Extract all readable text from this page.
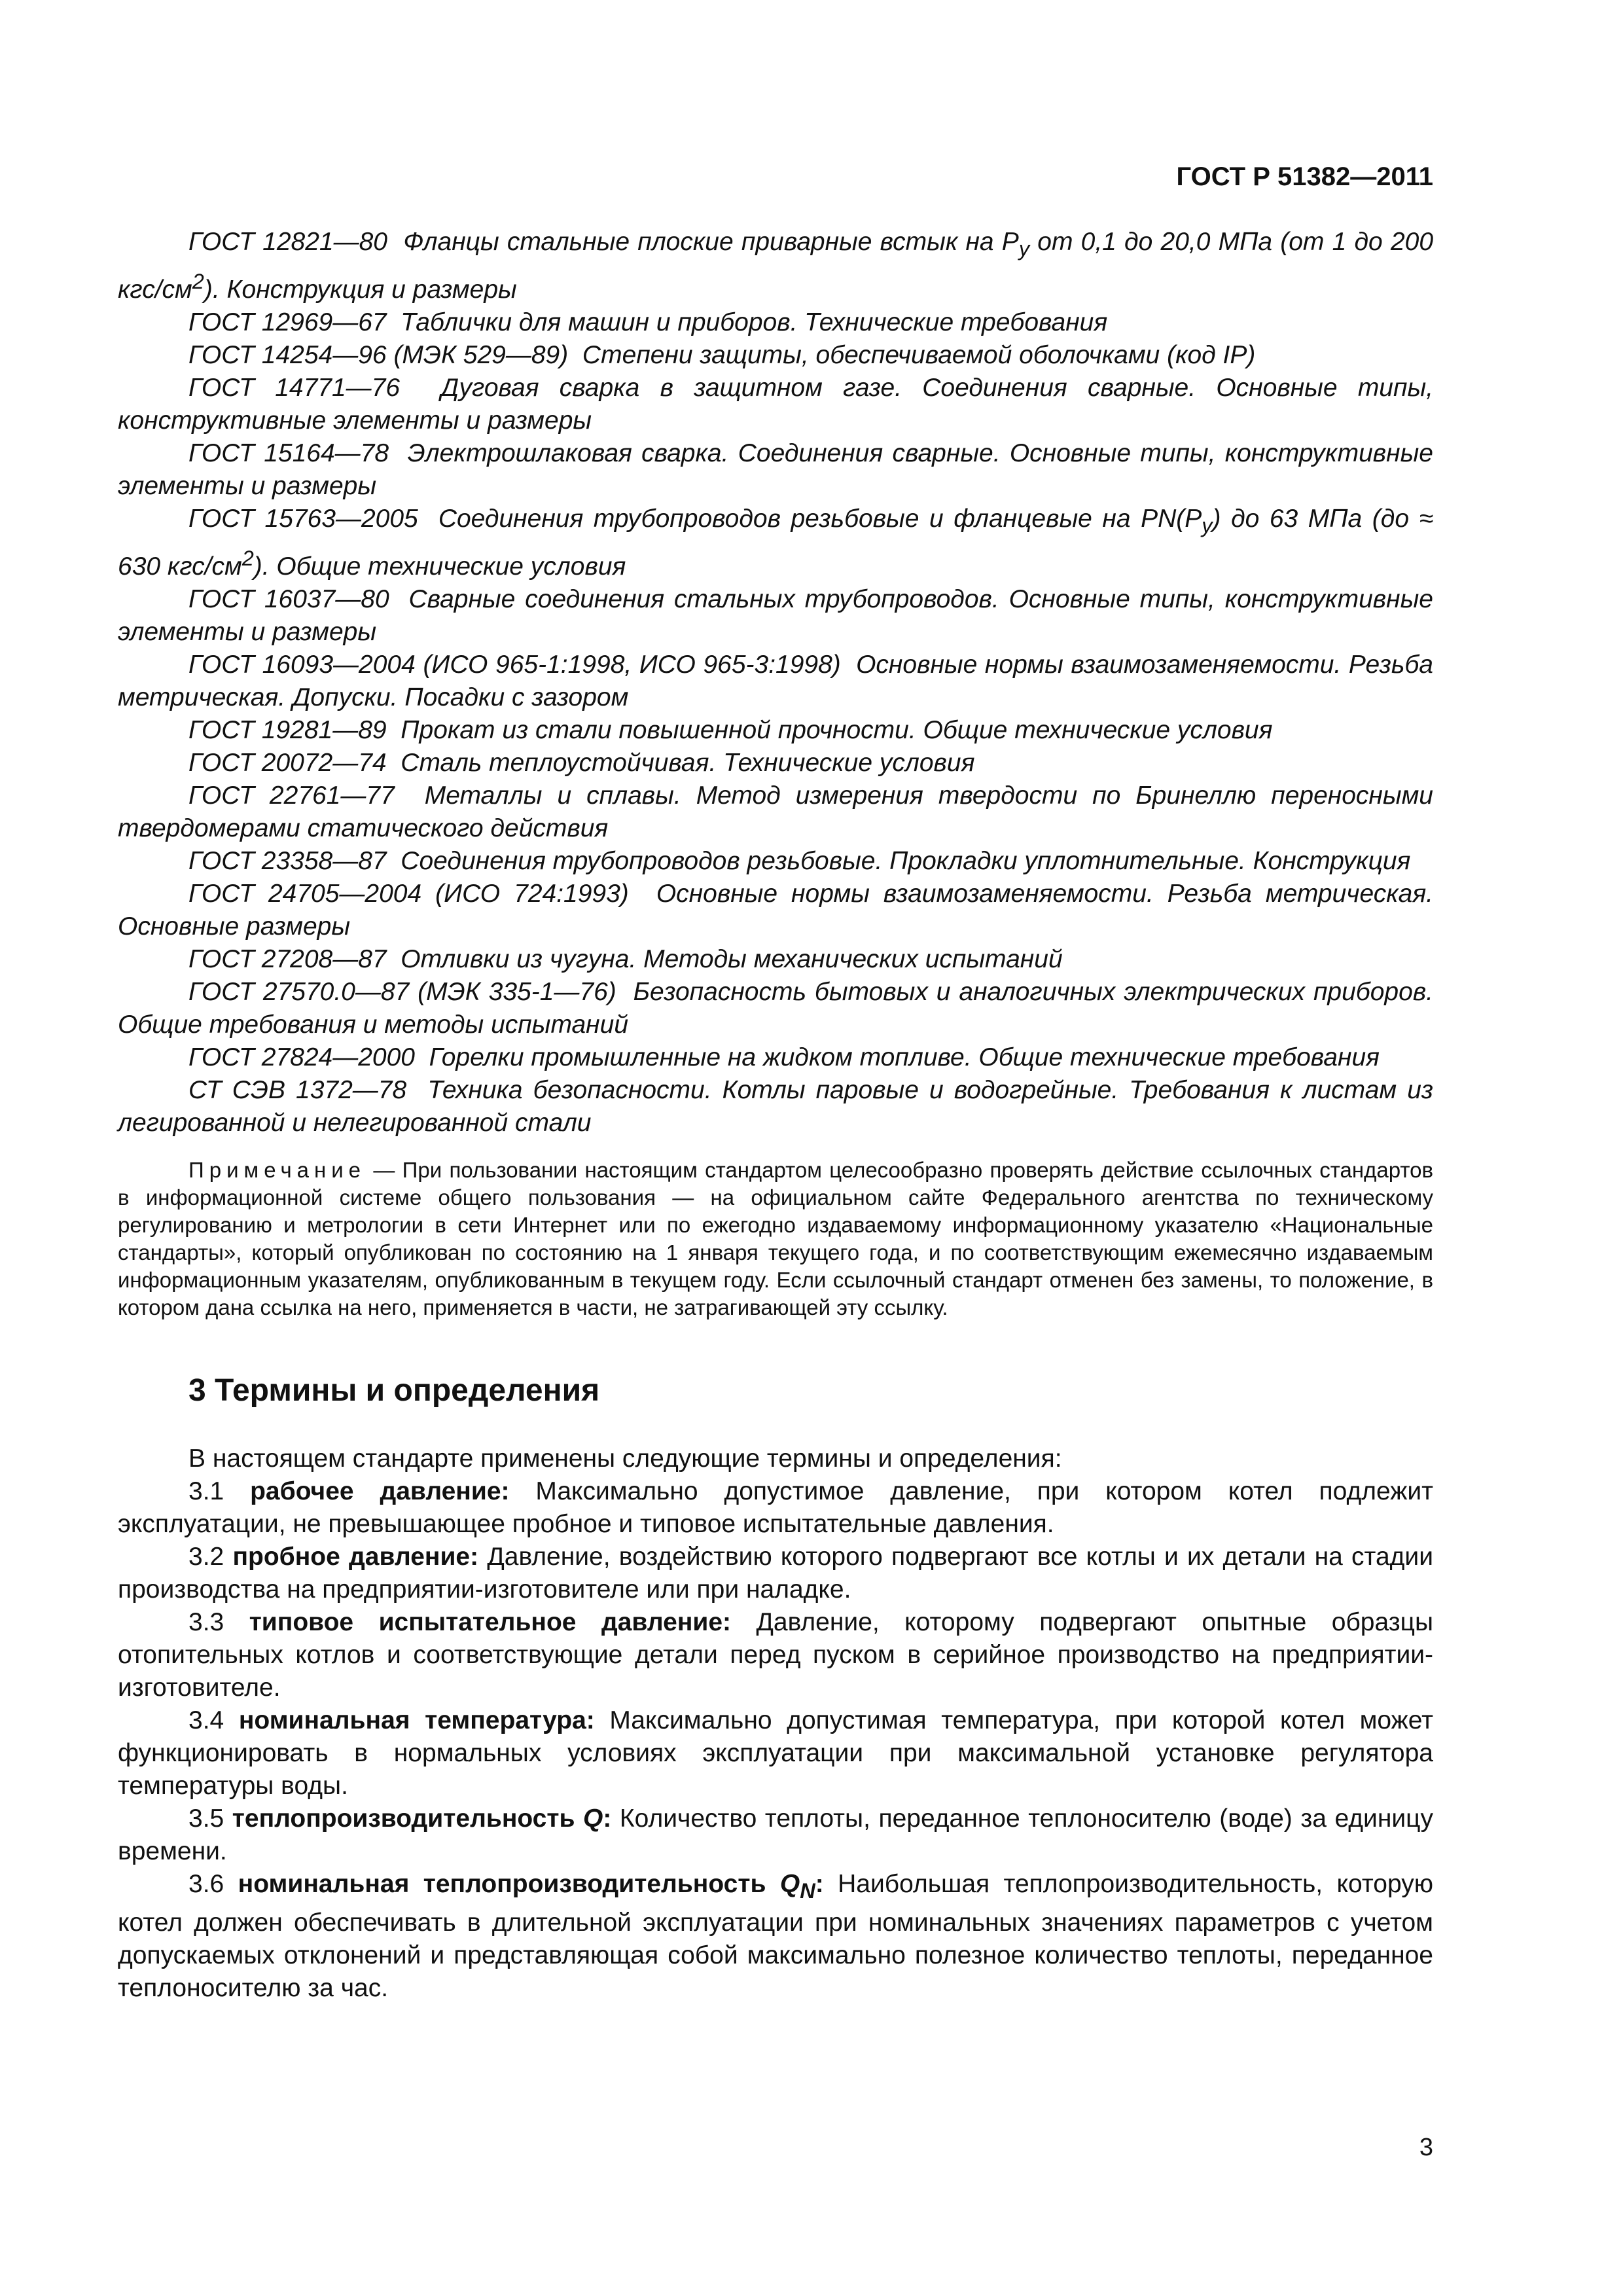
ГОСТ Р 51382—2011

ГОСТ 12821—80 Фланцы стальные плоские приварные встык на $P_y$ от 0,1 до 20,0 МПа (от 1 до 200 кгс/$см^2$). Конструкция и размеры

ГОСТ 12969—67 Таблички для машин и приборов. Технические требования

ГОСТ 14254—96 (МЭК 529—89) Степени защиты, обеспечиваемой оболочками (код IP)

ГОСТ 14771—76 Дуговая сварка в защитном газе. Соединения сварные. Основные типы, конструктивные элементы и размеры

ГОСТ 15164—78 Электрошлаковая сварка. Соединения сварные. Основные типы, конструктивные элементы и размеры

ГОСТ 15763—2005 Соединения трубопроводов резьбовые и фланцевые на $PN(P_y)$ до 63 МПа (до ≈ 630 кгс/$см^2$). Общие технические условия

ГОСТ 16037—80 Сварные соединения стальных трубопроводов. Основные типы, конструктивные элементы и размеры

ГОСТ 16093—2004 (ИСО 965-1:1998, ИСО 965-3:1998) Основные нормы взаимозаменяемости. Резьба метрическая. Допуски. Посадки с зазором

ГОСТ 19281—89 Прокат из стали повышенной прочности. Общие технические условия

ГОСТ 20072—74 Сталь теплоустойчивая. Технические условия

ГОСТ 22761—77 Металлы и сплавы. Метод измерения твердости по Бринеллю переносными твердомерами статического действия

ГОСТ 23358—87 Соединения трубопроводов резьбовые. Прокладки уплотнительные. Конструкция

ГОСТ 24705—2004 (ИСО 724:1993) Основные нормы взаимозаменяемости. Резьба метрическая. Основные размеры

ГОСТ 27208—87 Отливки из чугуна. Методы механических испытаний

ГОСТ 27570.0—87 (МЭК 335-1—76) Безопасность бытовых и аналогичных электрических приборов. Общие требования и методы испытаний

ГОСТ 27824—2000 Горелки промышленные на жидком топливе. Общие технические требования

СТ СЭВ 1372—78 Техника безопасности. Котлы паровые и водогрейные. Требования к листам из легированной и нелегированной стали

Примечание — При пользовании настоящим стандартом целесообразно проверять действие ссылочных стандартов в информационной системе общего пользования — на официальном сайте Федерального агентства по техническому регулированию и метрологии в сети Интернет или по ежегодно издаваемому информационному указателю «Национальные стандарты», который опубликован по состоянию на 1 января текущего года, и по соответствующим ежемесячно издаваемым информационным указателям, опубликованным в текущем году. Если ссылочный стандарт отменен без замены, то положение, в котором дана ссылка на него, применяется в части, не затрагивающей эту ссылку.

3 Термины и определения

В настоящем стандарте применены следующие термины и определения:

3.1 рабочее давление: Максимально допустимое давление, при котором котел подлежит эксплуатации, не превышающее пробное и типовое испытательные давления.

3.2 пробное давление: Давление, воздействию которого подвергают все котлы и их детали на стадии производства на предприятии-изготовителе или при наладке.

3.3 типовое испытательное давление: Давление, которому подвергают опытные образцы отопительных котлов и соответствующие детали перед пуском в серийное производство на предприятии-изготовителе.

3.4 номинальная температура: Максимально допустимая температура, при которой котел может функционировать в нормальных условиях эксплуатации при максимальной установке регулятора температуры воды.

3.5 теплопроизводительность Q: Количество теплоты, переданное теплоносителю (воде) за единицу времени.

3.6 номинальная теплопроизводительность $Q_N$: Наибольшая теплопроизводительность, которую котел должен обеспечивать в длительной эксплуатации при номинальных значениях параметров с учетом допускаемых отклонений и представляющая собой максимально полезное количество теплоты, переданное теплоносителю за час.

3
